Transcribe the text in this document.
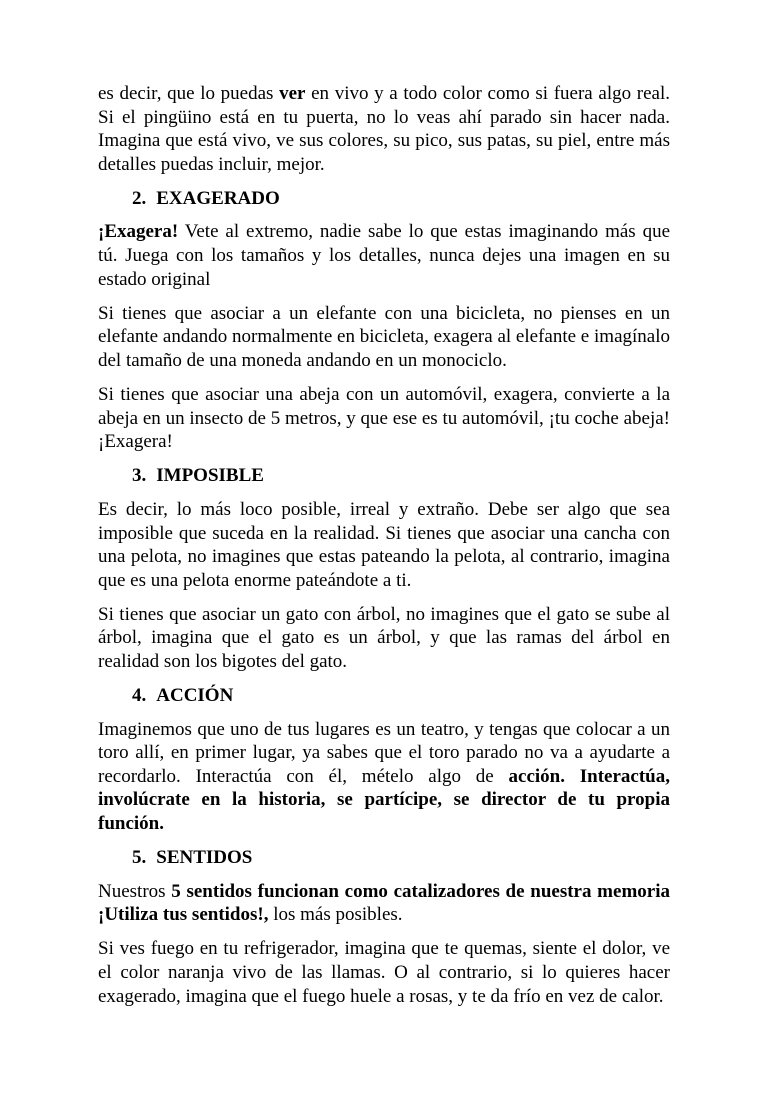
es decir, que lo puedas ver en vivo y a todo color como si fuera algo real. Si el pingüino está en tu puerta, no lo veas ahí parado sin hacer nada. Imagina que está vivo, ve sus colores, su pico, sus patas, su piel, entre más detalles puedas incluir, mejor.

2. EXAGERADO

¡Exagera! Vete al extremo, nadie sabe lo que estas imaginando más que tú. Juega con los tamaños y los detalles, nunca dejes una imagen en su estado original

Si tienes que asociar a un elefante con una bicicleta, no pienses en un elefante andando normalmente en bicicleta, exagera al elefante e imagínalo del tamaño de una moneda andando en un monociclo.

Si tienes que asociar una abeja con un automóvil, exagera, convierte a la abeja en un insecto de 5 metros, y que ese es tu automóvil, ¡tu coche abeja! ¡Exagera!

3. IMPOSIBLE

Es decir, lo más loco posible, irreal y extraño. Debe ser algo que sea imposible que suceda en la realidad. Si tienes que asociar una cancha con una pelota, no imagines que estas pateando la pelota, al contrario, imagina que es una pelota enorme pateándote a ti.

Si tienes que asociar un gato con árbol, no imagines que el gato se sube al árbol, imagina que el gato es un árbol, y que las ramas del árbol en realidad son los bigotes del gato.

4. ACCIÓN

Imaginemos que uno de tus lugares es un teatro, y tengas que colocar a un toro allí, en primer lugar, ya sabes que el toro parado no va a ayudarte a recordarlo. Interactúa con él, mételo algo de acción. Interactúa, involúcrate en la historia, se partícipe, se director de tu propia función.

5. SENTIDOS

Nuestros 5 sentidos funcionan como catalizadores de nuestra memoria ¡Utiliza tus sentidos!, los más posibles.

Si ves fuego en tu refrigerador, imagina que te quemas, siente el dolor, ve el color naranja vivo de las llamas. O al contrario, si lo quieres hacer exagerado, imagina que el fuego huele a rosas, y te da frío en vez de calor.
